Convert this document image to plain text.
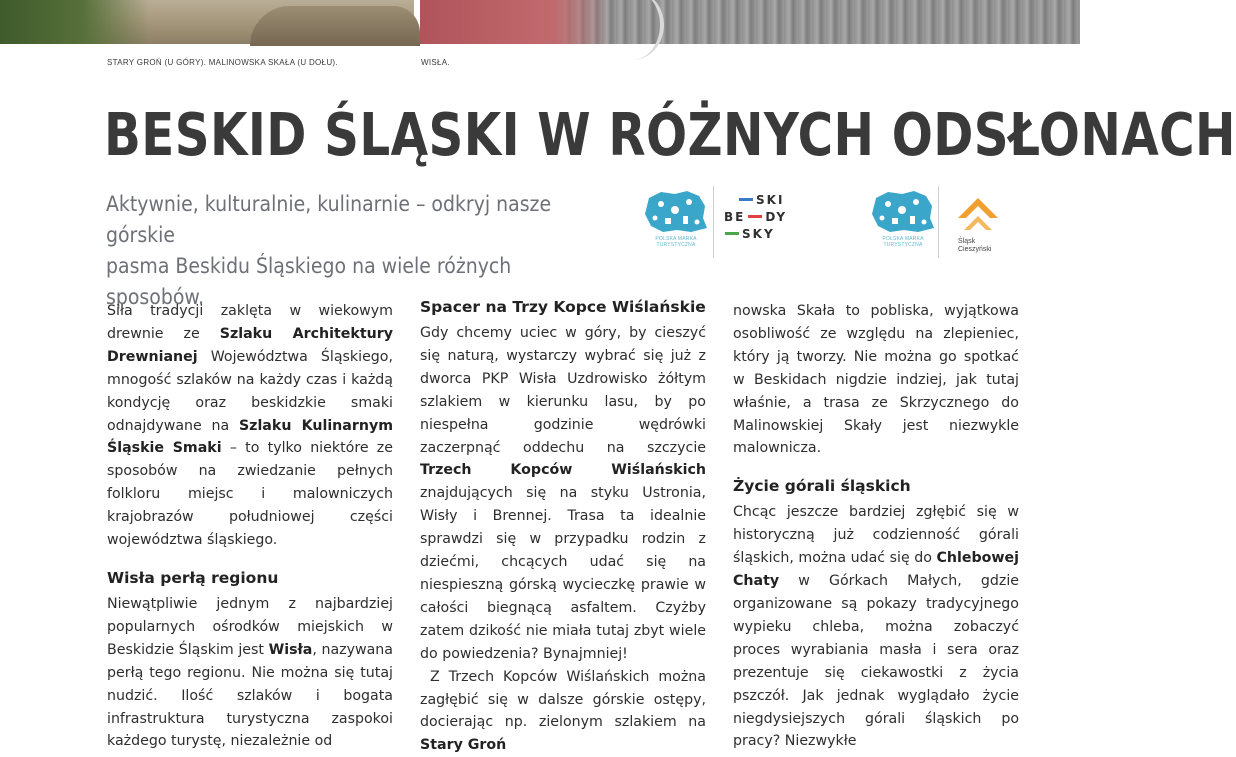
STARY GROŃ (U GÓRY). MALINOWSKA SKAŁA (U DOŁU).	WISŁA.
BESKID ŚLĄSKI W RÓŻNYCH ODSŁONACH
Aktywnie, kulturalnie, kulinarnie – odkryj nasze górskie
pasma Beskidu Śląskiego na wiele różnych sposobów.
POLSKA MARKA TURYSTYCZNA
SKI
BE DY
SKY	POLSKA MARKA TURYSTYCZNA	Śląsk
Cieszyński

Siła tradycji zaklęta w wiekowym drewnie ze Szlaku Architektury Drewnianej Województwa Śląskiego, mnogość szlaków na każdy czas i każdą kondycję oraz beskidzkie smaki odnajdywane na Szlaku Kulinarnym Śląskie Smaki – to tylko niektóre ze sposobów na zwiedzanie pełnych folkloru miejsc i malowniczych krajobrazów południowej części województwa śląskiego.

Wisła perłą regionu

Niewątpliwie jednym z najbardziej popularnych ośrodków miejskich w Beskidzie Śląskim jest Wisła, nazywana perłą tego regionu. Nie można się tutaj nudzić. Ilość szlaków i bogata infrastruktura turystyczna zaspokoi każdego turystę, niezależnie od

Spacer na Trzy Kopce Wiślańskie

Gdy chcemy uciec w góry, by cieszyć się naturą, wystarczy wybrać się już z dworca PKP Wisła Uzdrowisko żółtym szlakiem w kierunku lasu, by po niespełna godzinie wędrówki zaczerpnąć oddechu na szczycie Trzech Kopców Wiślańskich znajdujących się na styku Ustronia, Wisły i Brennej. Trasa ta idealnie sprawdzi się w przypadku rodzin z dziećmi, chcących udać się na niespieszną górską wycieczkę prawie w całości biegnącą asfaltem. Czyżby zatem dzikość nie miała tutaj zbyt wiele do powiedzenia? Bynajmniej!

Z Trzech Kopców Wiślańskich można zagłębić się w dalsze górskie ostępy, docierając np. zielonym szlakiem na Stary Groń

nowska Skała to pobliska, wyjątkowa osobliwość ze względu na zlepieniec, który ją tworzy. Nie można go spotkać w Beskidach nigdzie indziej, jak tutaj właśnie, a trasa ze Skrzycznego do Malinowskiej Skały jest niezwykle malownicza.

Życie górali śląskich

Chcąc jeszcze bardziej zgłębić się w historyczną już codzienność górali śląskich, można udać się do Chlebowej Chaty w Górkach Małych, gdzie organizowane są pokazy tradycyjnego wypieku chleba, można zobaczyć proces wyrabiania masła i sera oraz prezentuje się ciekawostki z życia pszczół. Jak jednak wyglądało życie niegdysiejszych górali śląskich po pracy? Niezwykłe
